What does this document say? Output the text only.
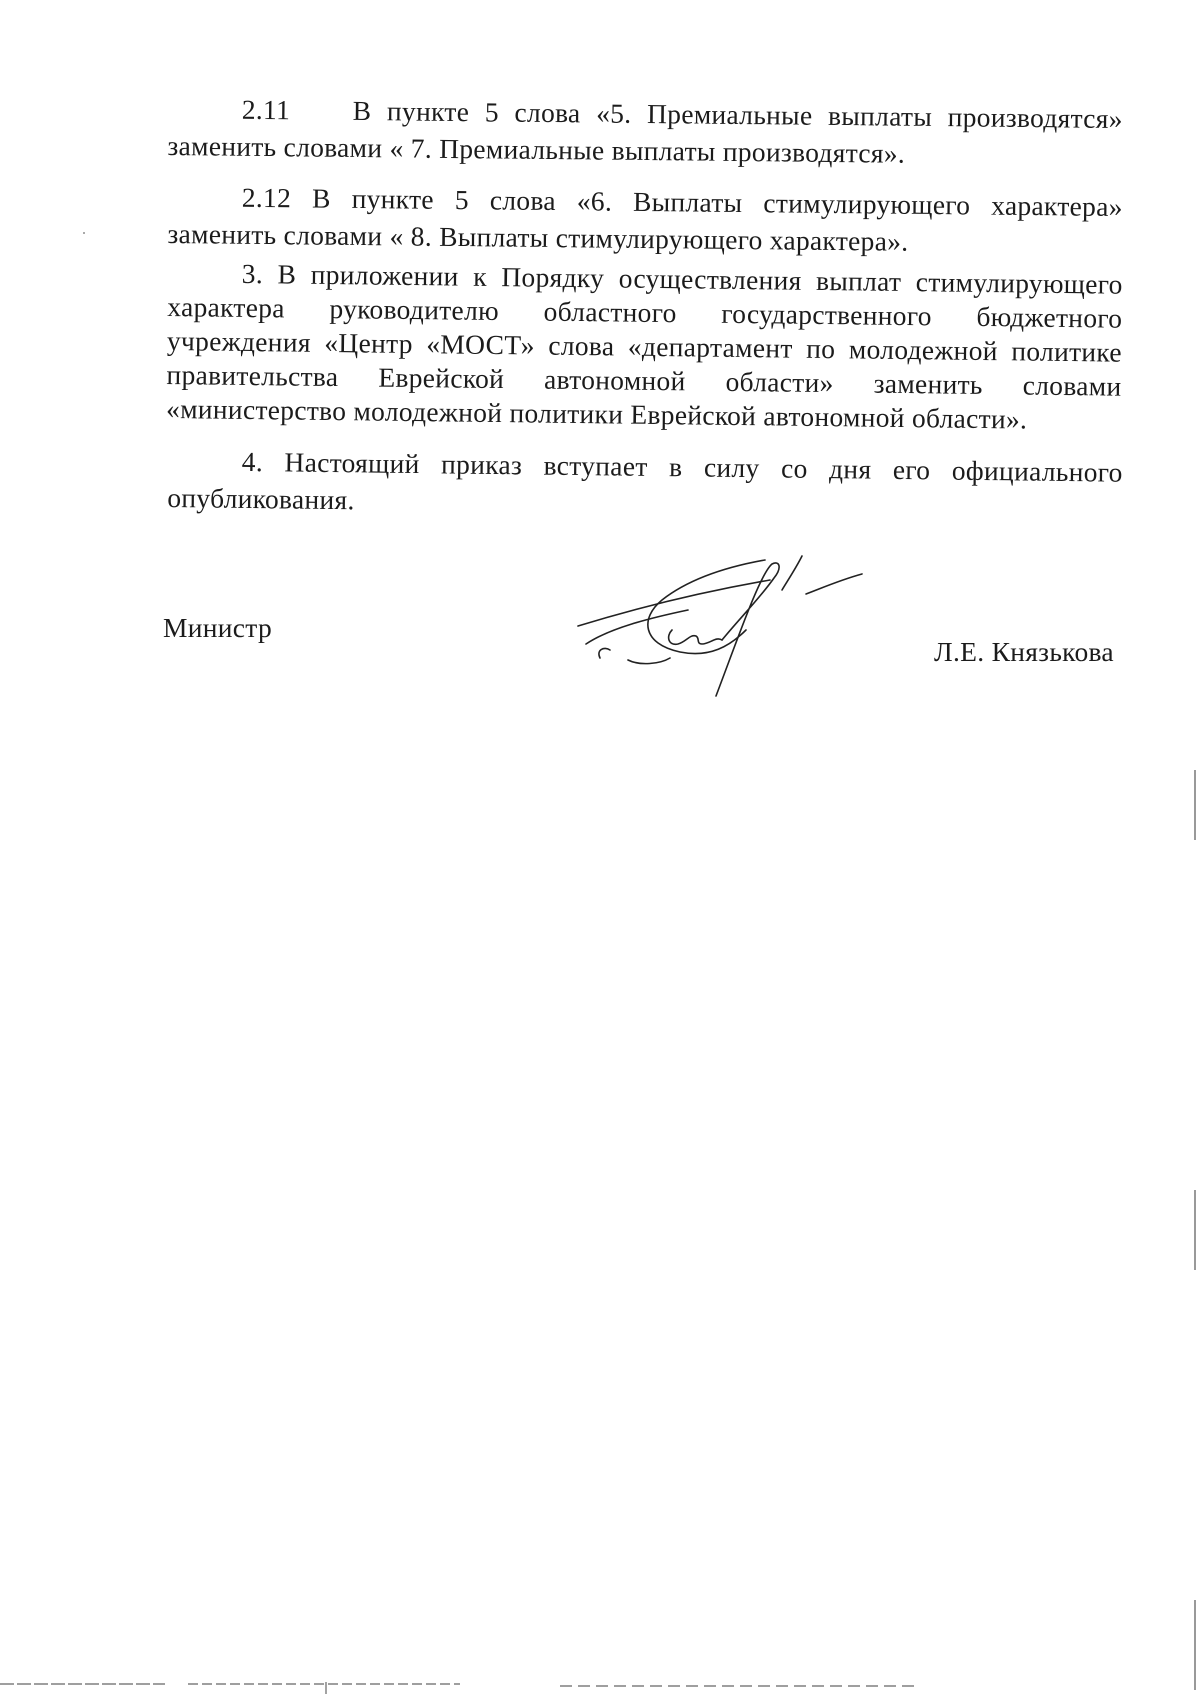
2.11 В пункте 5 слова «5. Премиальные выплаты производятся» заменить словами « 7. Премиальные выплаты производятся».

2.12 В пункте 5 слова «6. Выплаты стимулирующего характера» заменить словами « 8. Выплаты стимулирующего характера».

3. В приложении к Порядку осуществления выплат стимулирующего характера руководителю областного государственного бюджетного учреждения «Центр «МОСТ» слова «департамент по молодежной политике правительства Еврейской автономной области» заменить словами «министерство молодежной политики Еврейской автономной области».

4. Настоящий приказ вступает в силу со дня его официального опубликования.

Министр
Л.Е. Князькова
